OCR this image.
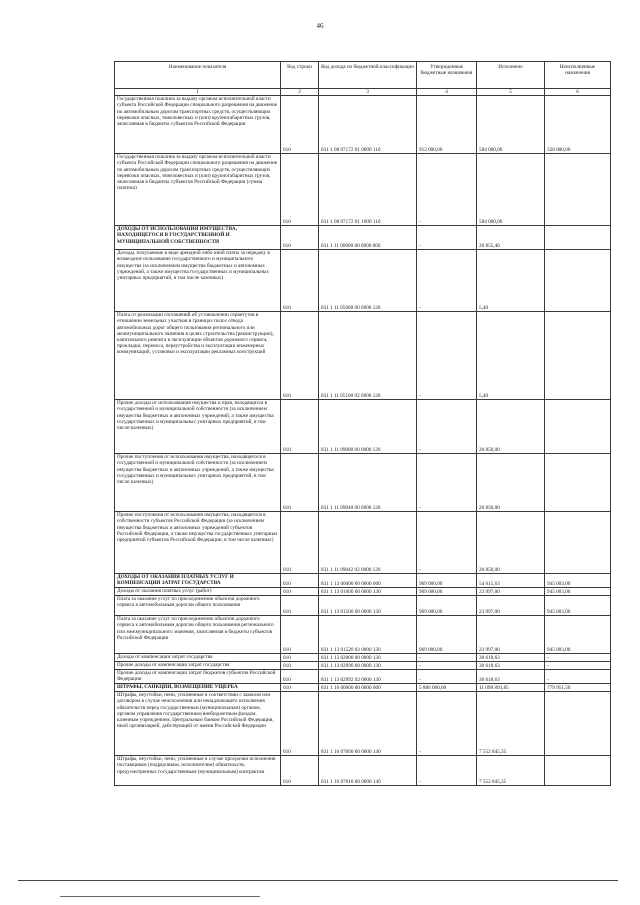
46
Наименование показателя	Код строки	Код дохода по бюджетной классификации	Утвержденные бюджетные назначения	Исполнено	Неисполненные назначения
1	2	3	4	5	6
Государственная пошлина за выдачу органом исполнительной власти субъекта Российской Федерации специального разрешения на движение по автомобильным дорогам транспортных средств, осуществляющих перевозки опасных, тяжеловесных и (или) крупногабаритных грузов, зачисляемая в бюджеты субъектов Российской Федерации	010	831 1 08 07172 01 0000 110	912 000,00	584 000,00	328 000,00
Государственная пошлина за выдачу органом исполнительной власти субъекта Российской Федерации специального разрешения на движение по автомобильным дорогам транспортных средств, осуществляющих перевозки опасных, тяжеловесных и (или) крупногабаритных грузов, зачисляемая в бюджеты субъектов Российской Федерации (сумма платежа)	010	831 1 08 07172 01 1000 110	-	584 000,00	
ДОХОДЫ ОТ ИСПОЛЬЗОВАНИЯ ИМУЩЕСТВА, НАХОДЯЩЕГОСЯ В ГОСУДАРСТВЕННОЙ И МУНИЦИПАЛЬНОЙ СОБСТВЕННОСТИ	010	831 1 11 00000 00 0000 000	-	20 855,40	
Доходы, получаемые в виде арендной либо иной платы за передачу в возмездное пользование государственного и муниципального имущества (за исключением имущества бюджетных и автономных учреждений, а также имущества государственных и муниципальных унитарных предприятий, в том числе казенных)	010	831 1 11 05000 00 0000 120	-	5,40	
Плата от реализации соглашений об установлении сервитутов в отношении земельных участков в границах полос отвода автомобильных дорог общего пользования регионального или межмуниципального значения в целях строительства (реконструкции), капитального ремонта и эксплуатации объектов дорожного сервиса, прокладки, переноса, переустройства и эксплуатации инженерных коммуникаций, установки и эксплуатации рекламных конструкций	010	831 1 11 05100 02 0000 120	-	5,40	
Прочие доходы от использования имущества и прав, находящихся в государственной и муниципальной собственности (за исключением имущества бюджетных и автономных учреждений, а также имущества государственных и муниципальных унитарных предприятий, в том числе казенных)	010	831 1 11 09000 00 0000 120	-	20 850,00	
Прочие поступления от использования имущества, находящегося в государственной и муниципальной собственности (за исключением имущества бюджетных и автономных учреждений, а также имущества государственных и муниципальных унитарных предприятий, в том числе казенных)	010	831 1 11 09040 00 0000 120	-	20 850,00	
Прочие поступления от использования имущества, находящегося в собственности субъектов Российской Федерации (за исключением имущества бюджетных и автономных учреждений субъектов Российской Федерации, а также имущества государственных унитарных предприятий субъектов Российской Федерации, в том числе казенных)	010	831 1 11 09042 02 0000 120	-	20 850,00	
ДОХОДЫ ОТ ОКАЗАНИЯ ПЛАТНЫХ УСЛУГ И КОМПЕНСАЦИИ ЗАТРАТ ГОСУДАРСТВА	010	831 1 13 00000 00 0000 000	969 000,00	54 615,63	945 003,00
Доходы от оказания платных услуг (работ)	010	831 1 13 01000 00 0000 130	969 000,00	23 997,00	945 003,00
Плата за оказание услуг по присоединению объектов дорожного сервиса к автомобильным дорогам общего пользования	010	831 1 13 01500 00 0000 130	969 000,00	23 997,00	945 003,00
Плата за оказание услуг по присоединению объектов дорожного сервиса к автомобильным дорогам общего пользования регионального или межмуниципального значения, зачисляемая в бюджеты субъектов Российской Федерации	010	831 1 13 01520 02 0000 130	969 000,00	23 997,00	945 003,00
Доходы от компенсации затрат государства	010	831 1 13 02000 00 0000 130	-	30 618,63	-
Прочие доходы от компенсации затрат государства	010	831 1 13 02990 00 0000 130	-	30 618,63	-
Прочие доходы от компенсации затрат бюджетов субъектов Российской Федерации	010	831 1 13 02992 02 0000 130	-	30 618,63	-
ШТРАФЫ, САНКЦИИ, ВОЗМЕЩЕНИЕ УЩЕРБА	010	831 1 16 00000 00 0000 000	5 886 000,00	11 098 893,85	779 951,50
Штрафы, неустойки, пени, уплаченные в соответствии с законом или договором в случае неисполнения или ненадлежащего исполнения обязательств перед государственным (муниципальным) органом, органом управления государственным внебюджетным фондом, казенным учреждением, Центральным банком Российской Федерации, иной организацией, действующей от имени Российской Федерации	010	831 1 16 07000 00 0000 140	-	7 552 845,35	
Штрафы, неустойки, пени, уплаченные в случае просрочки исполнения поставщиком (подрядчиком, исполнителем) обязательств, предусмотренных государственным (муниципальным) контрактом	010	831 1 16 07010 00 0000 140	-	7 552 845,35	
